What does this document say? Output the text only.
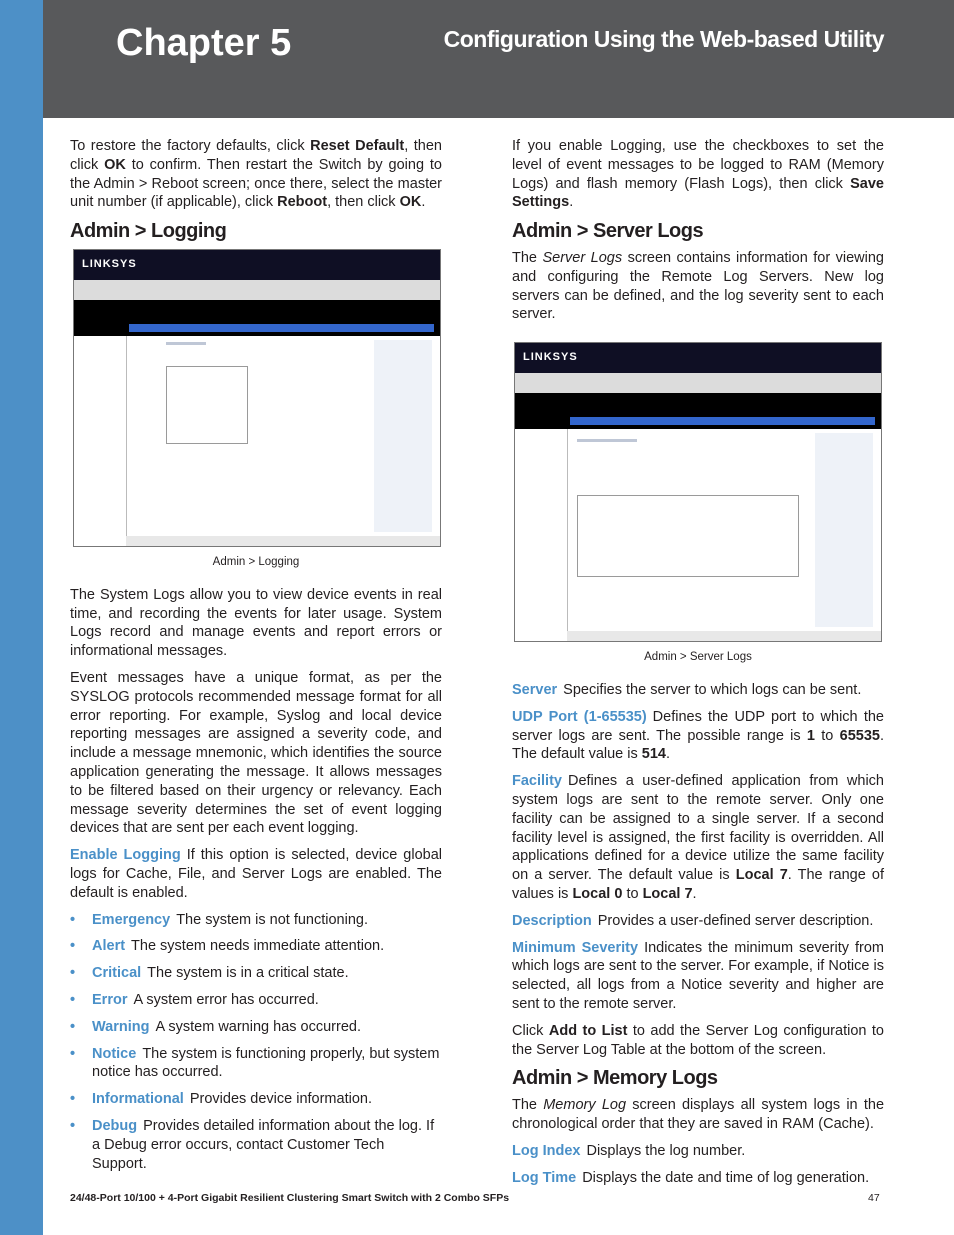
Chapter 5	Configuration Using the Web-based Utility

To restore the factory defaults, click Reset Default, then click OK to confirm. Then restart the Switch by going to the Admin > Reboot screen; once there, select the master unit number (if applicable), click Reboot, then click OK.

Admin > Logging
LINKSYS
Admin > Logging

The System Logs allow you to view device events in real time, and recording the events for later usage. System Logs record and manage events and report errors or informational messages.

Event messages have a unique format, as per the SYSLOG protocols recommended message format for all error reporting. For example, Syslog and local device reporting messages are assigned a severity code, and include a message mnemonic, which identifies the source application generating the message. It allows messages to be filtered based on their urgency or relevancy. Each message severity determines the set of event logging devices that are sent per each event logging.

Enable Logging If this option is selected, device global logs for Cache, File, and Server Logs are enabled. The default is enabled.

• Emergency The system is not functioning.
• Alert The system needs immediate attention.
• Critical The system is in a critical state.
• Error A system error has occurred.
• Warning A system warning has occurred.
• Notice The system is functioning properly, but system notice has occurred.
• Informational Provides device information.
• Debug Provides detailed information about the log. If a Debug error occurs, contact Customer Tech Support.

If you enable Logging, use the checkboxes to set the level of event messages to be logged to RAM (Memory Logs) and flash memory (Flash Logs), then click Save Settings.

Admin > Server Logs

The Server Logs screen contains information for viewing and configuring the Remote Log Servers. New log servers can be defined, and the log severity sent to each server.

LINKSYS
Admin > Server Logs

Server Specifies the server to which logs can be sent.

UDP Port (1-65535) Defines the UDP port to which the server logs are sent. The possible range is 1 to 65535. The default value is 514.

Facility Defines a user-defined application from which system logs are sent to the remote server. Only one facility can be assigned to a single server. If a second facility level is assigned, the first facility is overridden. All applications defined for a device utilize the same facility on a server. The default value is Local 7. The range of values is Local 0 to Local 7.

Description Provides a user-defined server description.

Minimum Severity Indicates the minimum severity from which logs are sent to the server. For example, if Notice is selected, all logs from a Notice severity and higher are sent to the remote server.

Click Add to List to add the Server Log configuration to the Server Log Table at the bottom of the screen.

Admin > Memory Logs

The Memory Log screen displays all system logs in the chronological order that they are saved in RAM (Cache).

Log Index Displays the log number.

Log Time Displays the date and time of log generation.

24/48-Port 10/100 + 4-Port Gigabit Resilient Clustering Smart Switch with 2 Combo SFPs	47
